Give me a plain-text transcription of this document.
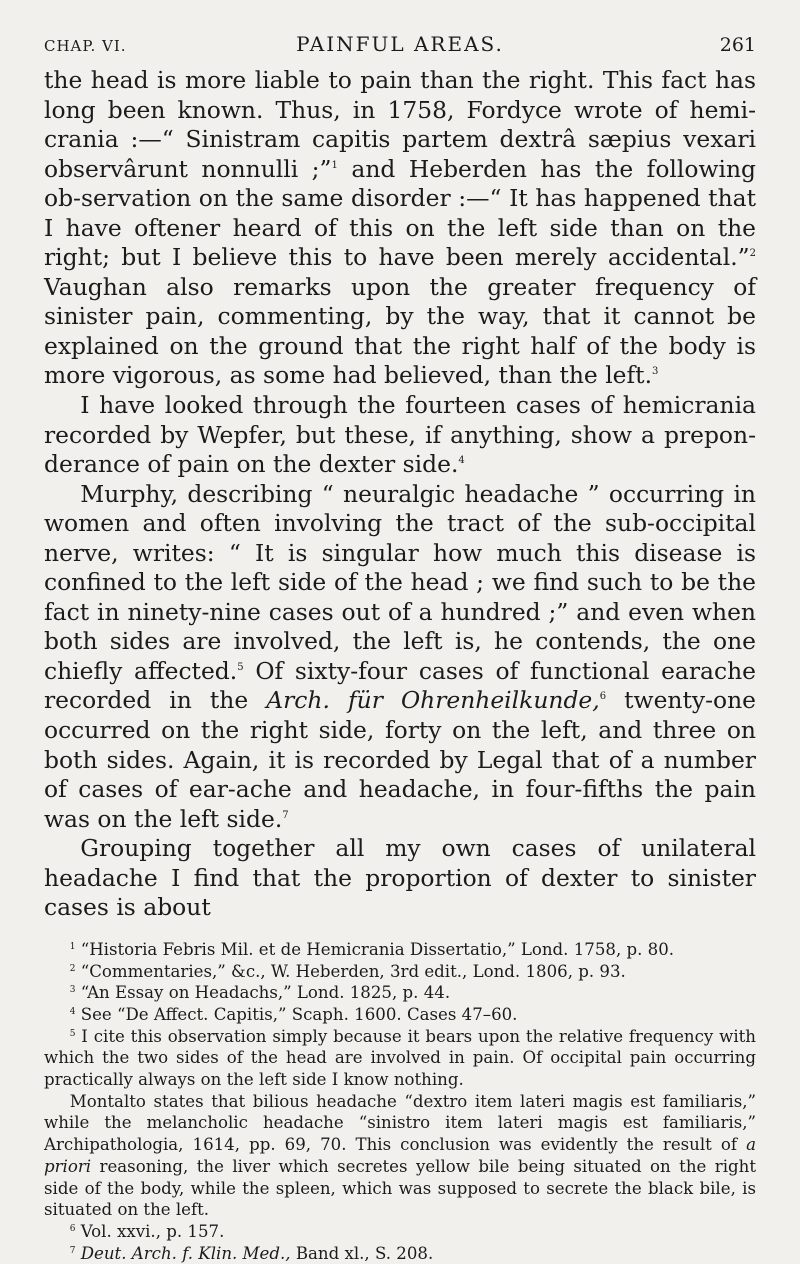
CHAP. VI.	PAINFUL AREAS.	261

the head is more liable to pain than the right. This fact has long been known. Thus, in 1758, Fordyce wrote of hemi-crania :—“ Sinistram capitis partem dextrâ sæpius vexari observârunt nonnulli ;”$^1$ and Heberden has the following ob-servation on the same disorder :—“ It has happened that I have oftener heard of this on the left side than on the right; but I believe this to have been merely accidental.”$^2$ Vaughan also remarks upon the greater frequency of sinister pain, commenting, by the way, that it cannot be explained on the ground that the right half of the body is more vigorous, as some had believed, than the left.$^3$

I have looked through the fourteen cases of hemicrania recorded by Wepfer, but these, if anything, show a prepon-derance of pain on the dexter side.$^4$

Murphy, describing “ neuralgic headache ” occurring in women and often involving the tract of the sub-occipital nerve, writes: “ It is singular how much this disease is confined to the left side of the head ; we find such to be the fact in ninety-nine cases out of a hundred ;” and even when both sides are involved, the left is, he contends, the one chiefly affected.$^5$ Of sixty-four cases of functional earache recorded in the Arch. für Ohrenheilkunde,$^6$ twenty-one occurred on the right side, forty on the left, and three on both sides. Again, it is recorded by Legal that of a number of cases of ear-ache and headache, in four-fifths the pain was on the left side.$^7$

Grouping together all my own cases of unilateral headache I find that the proportion of dexter to sinister cases is about

$^1$ “Historia Febris Mil. et de Hemicrania Dissertatio,” Lond. 1758, p. 80.

$^2$ “Commentaries,” &c., W. Heberden, 3rd edit., Lond. 1806, p. 93.

$^3$ “An Essay on Headachs,” Lond. 1825, p. 44.

$^4$ See “De Affect. Capitis,” Scaph. 1600. Cases 47–60.

$^5$ I cite this observation simply because it bears upon the relative frequency with which the two sides of the head are involved in pain. Of occipital pain occurring practically always on the left side I know nothing.

Montalto states that bilious headache “dextro item lateri magis est familiaris,” while the melancholic headache “sinistro item lateri magis est familiaris,” Archipathologia, 1614, pp. 69, 70. This conclusion was evidently the result of a priori reasoning, the liver which secretes yellow bile being situated on the right side of the body, while the spleen, which was supposed to secrete the black bile, is situated on the left.

$^6$ Vol. xxvi., p. 157.

$^7$ Deut. Arch. f. Klin. Med., Band xl., S. 208.
